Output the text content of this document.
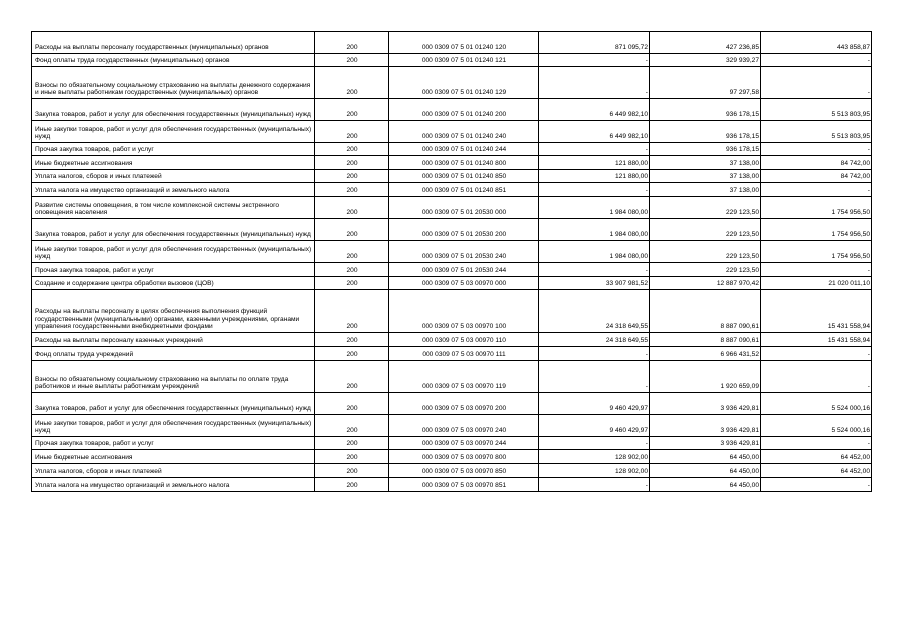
Расходы на выплаты персоналу государственных (муниципальных) органов	200	000 0309 07 5 01 01240 120	871 095,72	427 236,85	443 858,87
Фонд оплаты труда государственных (муниципальных) органов	200	000 0309 07 5 01 01240 121	-	329 939,27	-
Взносы по обязательному социальному страхованию на выплаты денежного содержания и иные выплаты работникам государственных (муниципальных) органов	200	000 0309 07 5 01 01240 129	-	97 297,58	-
Закупка товаров, работ и услуг для обеспечения государственных (муниципальных) нужд	200	000 0309 07 5 01 01240 200	6 449 982,10	936 178,15	5 513 803,95
Иные закупки товаров, работ и услуг для обеспечения государственных (муниципальных) нужд	200	000 0309 07 5 01 01240 240	6 449 982,10	936 178,15	5 513 803,95
Прочая закупка товаров, работ и услуг	200	000 0309 07 5 01 01240 244	-	936 178,15	-
Иные бюджетные ассигнования	200	000 0309 07 5 01 01240 800	121 880,00	37 138,00	84 742,00
Уплата налогов, сборов и иных платежей	200	000 0309 07 5 01 01240 850	121 880,00	37 138,00	84 742,00
Уплата налога на имущество организаций и земельного налога	200	000 0309 07 5 01 01240 851	-	37 138,00	-
Развитие системы оповещения, в том числе комплексной системы экстренного оповещения населения	200	000 0309 07 5 01 20530 000	1 984 080,00	229 123,50	1 754 956,50
Закупка товаров, работ и услуг для обеспечения государственных (муниципальных) нужд	200	000 0309 07 5 01 20530 200	1 984 080,00	229 123,50	1 754 956,50
Иные закупки товаров, работ и услуг для обеспечения государственных (муниципальных) нужд	200	000 0309 07 5 01 20530 240	1 984 080,00	229 123,50	1 754 956,50
Прочая закупка товаров, работ и услуг	200	000 0309 07 5 01 20530 244	-	229 123,50	-
Создание и содержание центра обработки вызовов (ЦОВ)	200	000 0309 07 5 03 00970 000	33 907 981,52	12 887 970,42	21 020 011,10
Расходы на выплаты персоналу в целях обеспечения выполнения функций государственными (муниципальными) органами, казенными учреждениями, органами управления государственными внебюджетными фондами	200	000 0309 07 5 03 00970 100	24 318 649,55	8 887 090,61	15 431 558,94
Расходы на выплаты персоналу казенных учреждений	200	000 0309 07 5 03 00970 110	24 318 649,55	8 887 090,61	15 431 558,94
Фонд оплаты труда учреждений	200	000 0309 07 5 03 00970 111	-	6 966 431,52	-
Взносы по обязательному социальному страхованию на выплаты по оплате труда работников и иные выплаты работникам учреждений	200	000 0309 07 5 03 00970 119	-	1 920 659,09	-
Закупка товаров, работ и услуг для обеспечения государственных (муниципальных) нужд	200	000 0309 07 5 03 00970 200	9 460 429,97	3 936 429,81	5 524 000,16
Иные закупки товаров, работ и услуг для обеспечения государственных (муниципальных) нужд	200	000 0309 07 5 03 00970 240	9 460 429,97	3 936 429,81	5 524 000,16
Прочая закупка товаров, работ и услуг	200	000 0309 07 5 03 00970 244	-	3 936 429,81	-
Иные бюджетные ассигнования	200	000 0309 07 5 03 00970 800	128 902,00	64 450,00	64 452,00
Уплата налогов, сборов и иных платежей	200	000 0309 07 5 03 00970 850	128 902,00	64 450,00	64 452,00
Уплата налога на имущество организаций и земельного налога	200	000 0309 07 5 03 00970 851	-	64 450,00	-
